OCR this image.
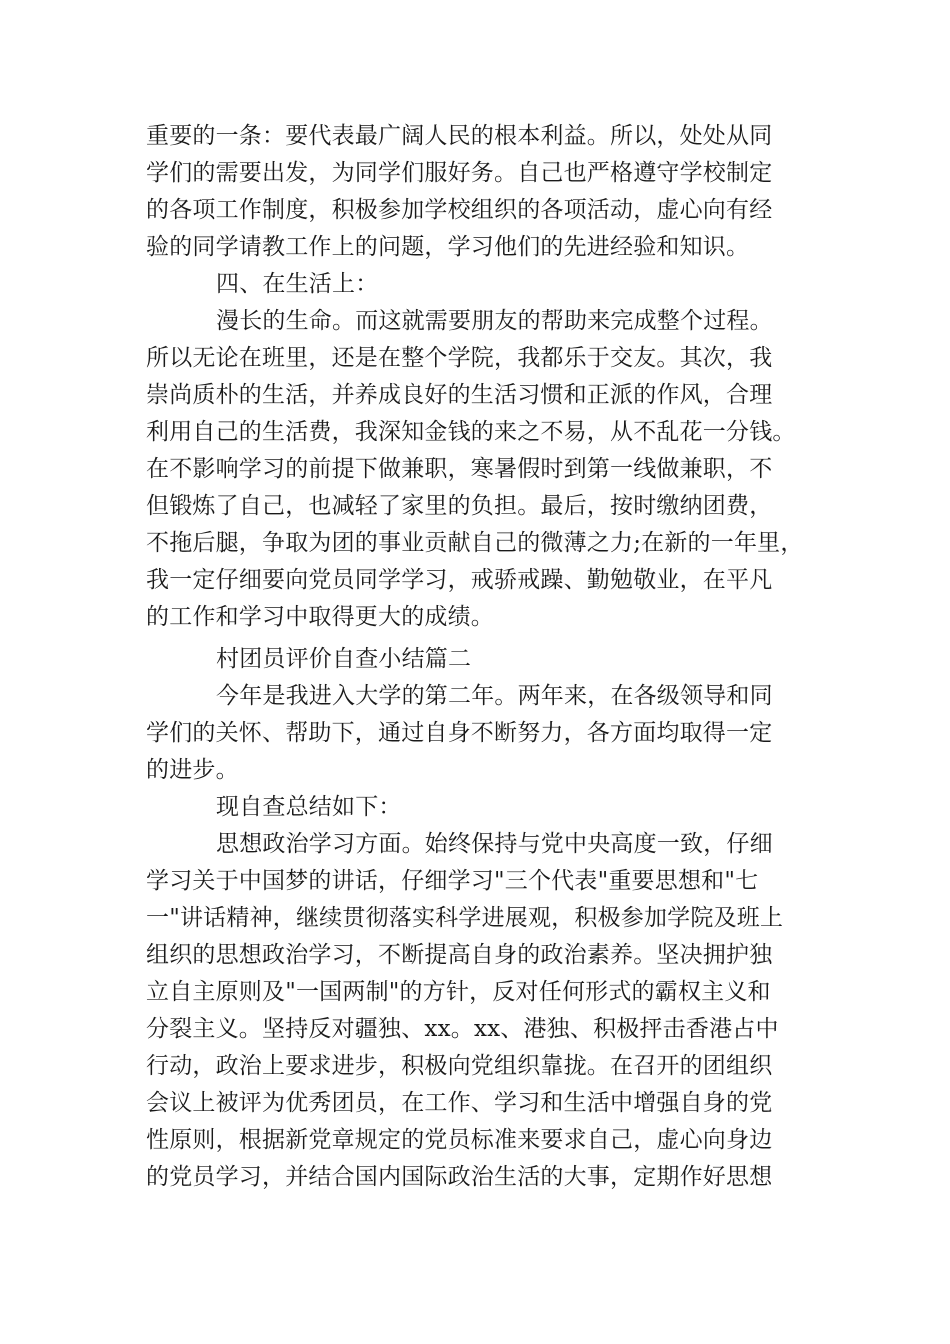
重要的一条：要代表最广阔人民的根本利益。所以，处处从同
学们的需要出发，为同学们服好务。自己也严格遵守学校制定
的各项工作制度，积极参加学校组织的各项活动，虚心向有经
验的同学请教工作上的问题，学习他们的先进经验和知识。
四、在生活上：
漫长的生命。而这就需要朋友的帮助来完成整个过程。
所以无论在班里，还是在整个学院，我都乐于交友。其次，我
崇尚质朴的生活，并养成良好的生活习惯和正派的作风，合理
利用自己的生活费，我深知金钱的来之不易，从不乱花一分钱。
在不影响学习的前提下做兼职，寒暑假时到第一线做兼职，不
但锻炼了自己，也减轻了家里的负担。最后，按时缴纳团费，
不拖后腿，争取为团的事业贡献自己的微薄之力;在新的一年里，
我一定仔细要向党员同学学习，戒骄戒躁、勤勉敬业，在平凡
的工作和学习中取得更大的成绩。
村团员评价自查小结篇二
今年是我进入大学的第二年。两年来，在各级领导和同
学们的关怀、帮助下，通过自身不断努力，各方面均取得一定
的进步。
现自查总结如下：
思想政治学习方面。始终保持与党中央高度一致，仔细
学习关于中国梦的讲话，仔细学习"三个代表"重要思想和"七
一"讲话精神，继续贯彻落实科学进展观，积极参加学院及班上
组织的思想政治学习，不断提高自身的政治素养。坚决拥护独
立自主原则及"一国两制"的方针，反对任何形式的霸权主义和
分裂主义。坚持反对疆独、xx。xx、港独、积极抨击香港占中
行动，政治上要求进步，积极向党组织靠拢。在召开的团组织
会议上被评为优秀团员，在工作、学习和生活中增强自身的党
性原则，根据新党章规定的党员标准来要求自己，虚心向身边
的党员学习，并结合国内国际政治生活的大事，定期作好思想
